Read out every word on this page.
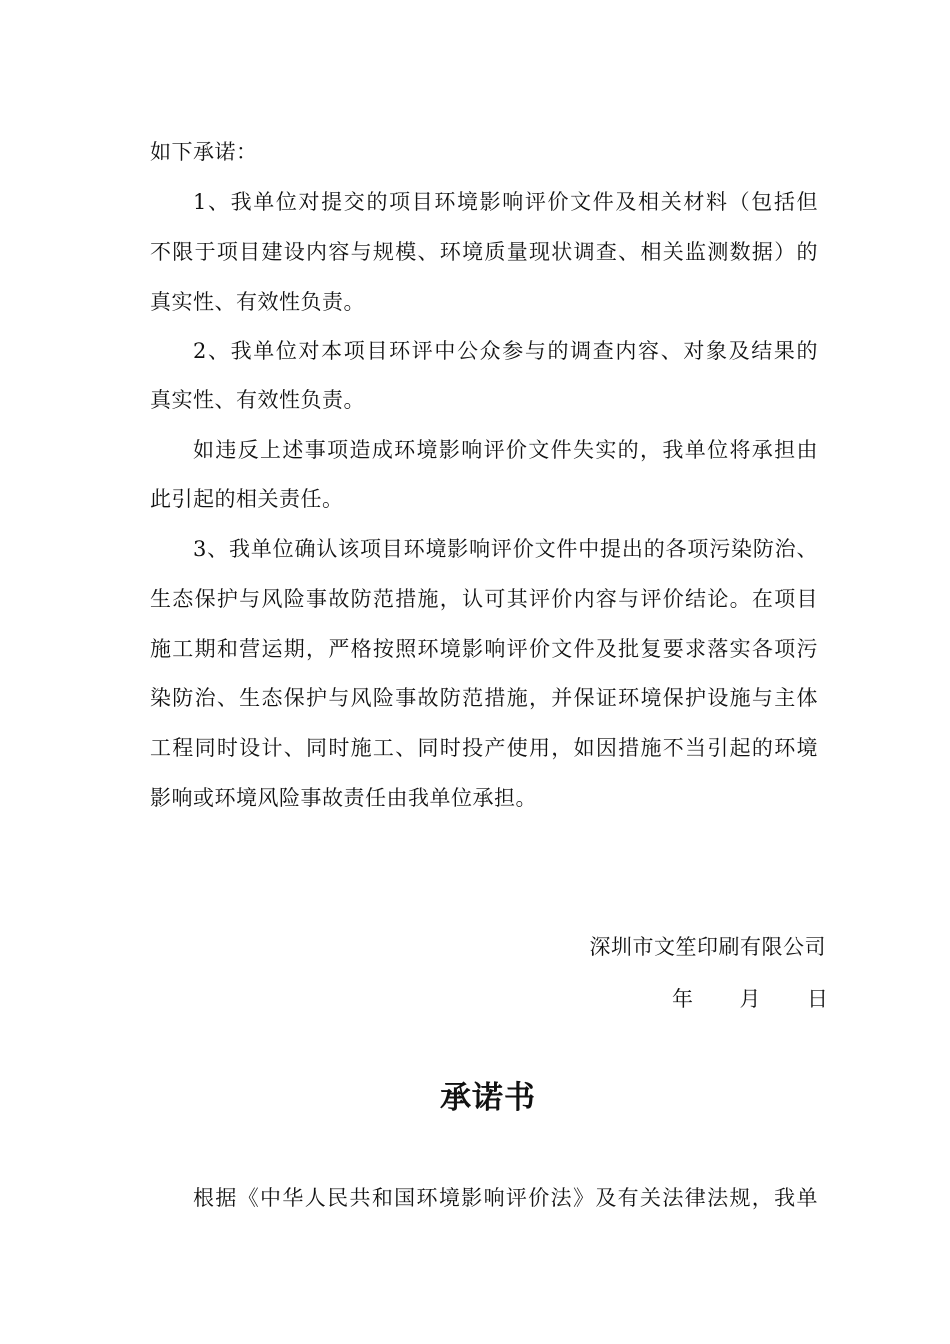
如下承诺：
1、我单位对提交的项目环境影响评价文件及相关材料（包括但
不限于项目建设内容与规模、环境质量现状调查、相关监测数据）的
真实性、有效性负责。
2、我单位对本项目环评中公众参与的调查内容、对象及结果的
真实性、有效性负责。
如违反上述事项造成环境影响评价文件失实的，我单位将承担由
此引起的相关责任。
3、我单位确认该项目环境影响评价文件中提出的各项污染防治、
生态保护与风险事故防范措施，认可其评价内容与评价结论。在项目
施工期和营运期，严格按照环境影响评价文件及批复要求落实各项污
染防治、生态保护与风险事故防范措施，并保证环境保护设施与主体
工程同时设计、同时施工、同时投产使用，如因措施不当引起的环境
影响或环境风险事故责任由我单位承担。
深圳市文笙印刷有限公司
年 月 日
承诺书
根据《中华人民共和国环境影响评价法》及有关法律法规，我单
